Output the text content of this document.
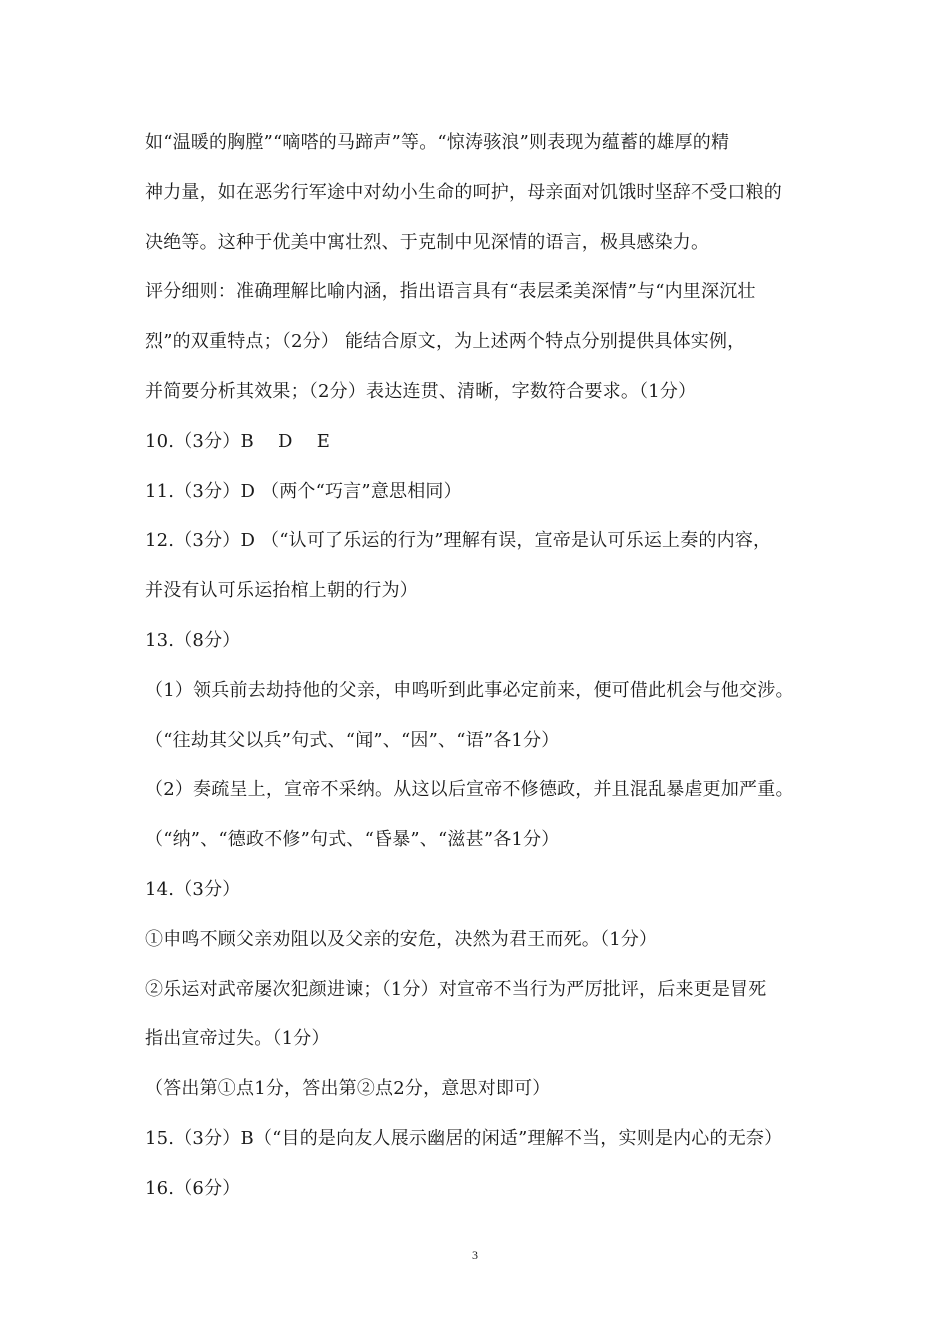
如“温暖的胸膛”“嘀嗒的马蹄声”等。“惊涛骇浪”则表现为蕴蓄的雄厚的精
神力量，如在恶劣行军途中对幼小生命的呵护，母亲面对饥饿时坚辞不受口粮的
决绝等。这种于优美中寓壮烈、于克制中见深情的语言，极具感染力。
评分细则：准确理解比喻内涵，指出语言具有“表层柔美深情”与“内里深沉壮
烈”的双重特点；（2分） 能结合原文，为上述两个特点分别提供具体实例，
并简要分析其效果；（2分）表达连贯、清晰，字数符合要求。（1分）
10.（3分）B　 D　 E
11.（3分）D （两个“巧言”意思相同）
12.（3分）D （“认可了乐运的行为”理解有误，宣帝是认可乐运上奏的内容，
并没有认可乐运抬棺上朝的行为）
13.（8分）
（1）领兵前去劫持他的父亲，申鸣听到此事必定前来，便可借此机会与他交涉。
（“往劫其父以兵”句式、“闻”、“因”、“语”各1分）
（2）奏疏呈上，宣帝不采纳。从这以后宣帝不修德政，并且混乱暴虐更加严重。
（“纳”、“德政不修”句式、“昏暴”、“滋甚”各1分）
14.（3分）
①申鸣不顾父亲劝阻以及父亲的安危，决然为君王而死。（1分）
②乐运对武帝屡次犯颜进谏；（1分）对宣帝不当行为严厉批评，后来更是冒死
指出宣帝过失。（1分）
（答出第①点1分，答出第②点2分，意思对即可）
15.（3分）B（“目的是向友人展示幽居的闲适”理解不当，实则是内心的无奈）
16.（6分）
3
